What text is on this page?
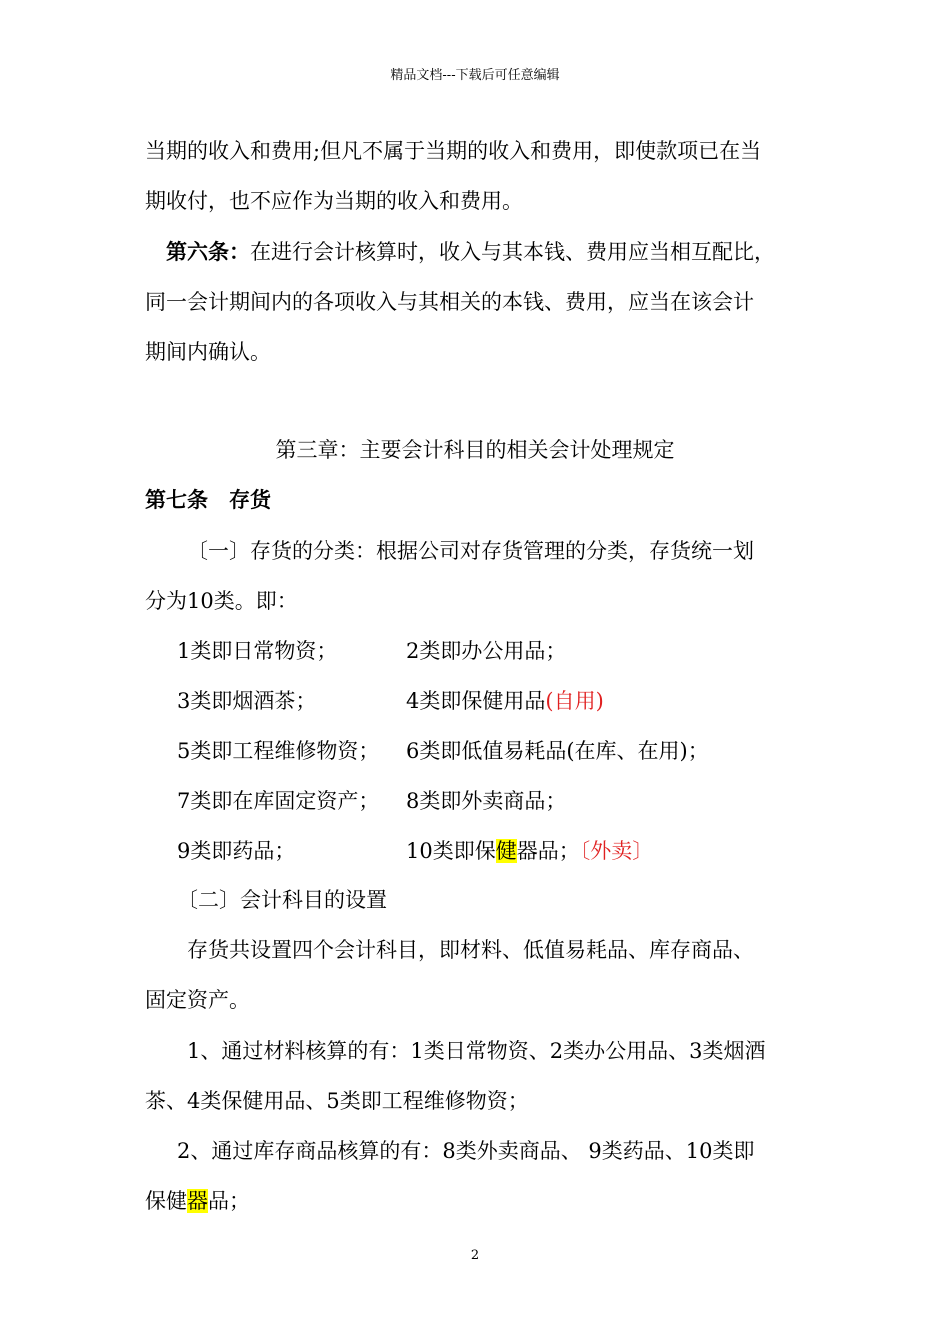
精品文档---下载后可任意编辑
当期的收入和费用;但凡不属于当期的收入和费用，即使款项已在当
期收付，也不应作为当期的收入和费用。
第六条：在进行会计核算时，收入与其本钱、费用应当相互配比，
同一会计期间内的各项收入与其相关的本钱、费用，应当在该会计
期间内确认。
第三章：主要会计科目的相关会计处理规定
第七条　存货
〔一〕存货的分类：根据公司对存货管理的分类，存货统一划
分为10类。即：
1类即日常物资；	2类即办公用品；
3类即烟酒茶；	4类即保健用品(自用)
5类即工程维修物资； 6类即低值易耗品(在库、在用)；
7类即在库固定资产； 8类即外卖商品；
9类即药品；	10类即保健器品；〔外卖〕
〔二〕会计科目的设置
存货共设置四个会计科目，即材料、低值易耗品、库存商品、
固定资产。
1、通过材料核算的有：1类日常物资、2类办公用品、3类烟酒
茶、4类保健用品、5类即工程维修物资；
2、通过库存商品核算的有：8类外卖商品、 9类药品、10类即
保健器品；
2
